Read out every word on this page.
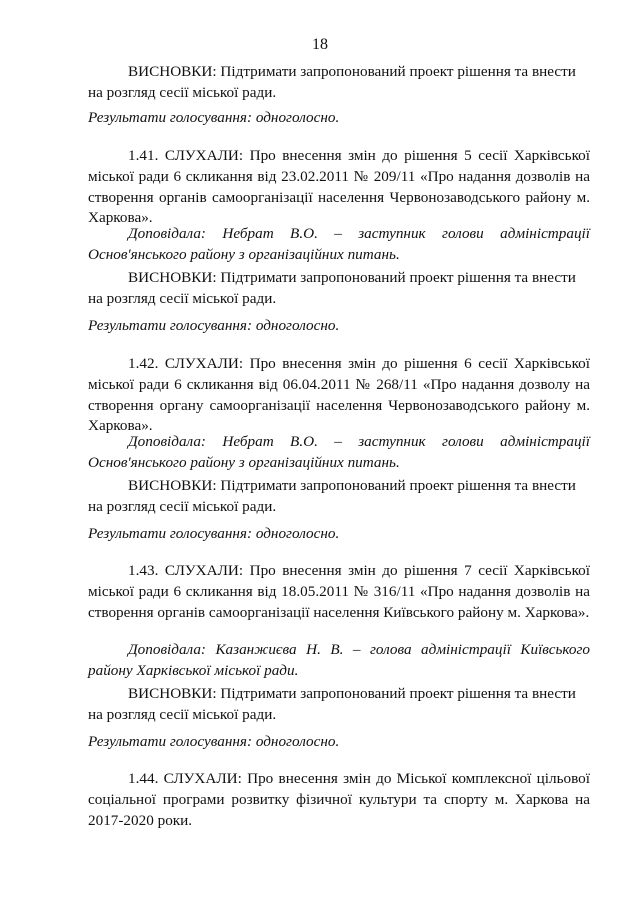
18

ВИСНОВКИ: Підтримати запропонований проект рішення та внести на розгляд сесії міської ради.

Результати голосування: одноголосно.

1.41. СЛУХАЛИ: Про внесення змін до рішення 5 сесії Харківської міської ради 6 скликання від 23.02.2011 № 209/11 «Про надання дозволів на створення органів самоорганізації населення Червонозаводського району м. Харкова».

Доповідала: Небрат В.О. – заступник голови адміністрації Основ'янського району з організаційних питань.

ВИСНОВКИ: Підтримати запропонований проект рішення та внести на розгляд сесії міської ради.

Результати голосування: одноголосно.

1.42. СЛУХАЛИ: Про внесення змін до рішення 6 сесії Харківської міської ради 6 скликання від 06.04.2011 № 268/11 «Про надання дозволу на створення органу самоорганізації населення Червонозаводського району м. Харкова».

Доповідала: Небрат В.О. – заступник голови адміністрації Основ'янського району з організаційних питань.

ВИСНОВКИ: Підтримати запропонований проект рішення та внести на розгляд сесії міської ради.

Результати голосування: одноголосно.

1.43. СЛУХАЛИ: Про внесення змін до рішення 7 сесії Харківської міської ради 6 скликання від 18.05.2011 № 316/11 «Про надання дозволів на створення органів самоорганізації населення Київського району м. Харкова».

Доповідала: Казанжиєва Н. В. – голова адміністрації Київського району Харківської міської ради.

ВИСНОВКИ: Підтримати запропонований проект рішення та внести на розгляд сесії міської ради.

Результати голосування: одноголосно.

1.44. СЛУХАЛИ: Про внесення змін до Міської комплексної цільової соціальної програми розвитку фізичної культури та спорту м. Харкова на 2017-2020 роки.
